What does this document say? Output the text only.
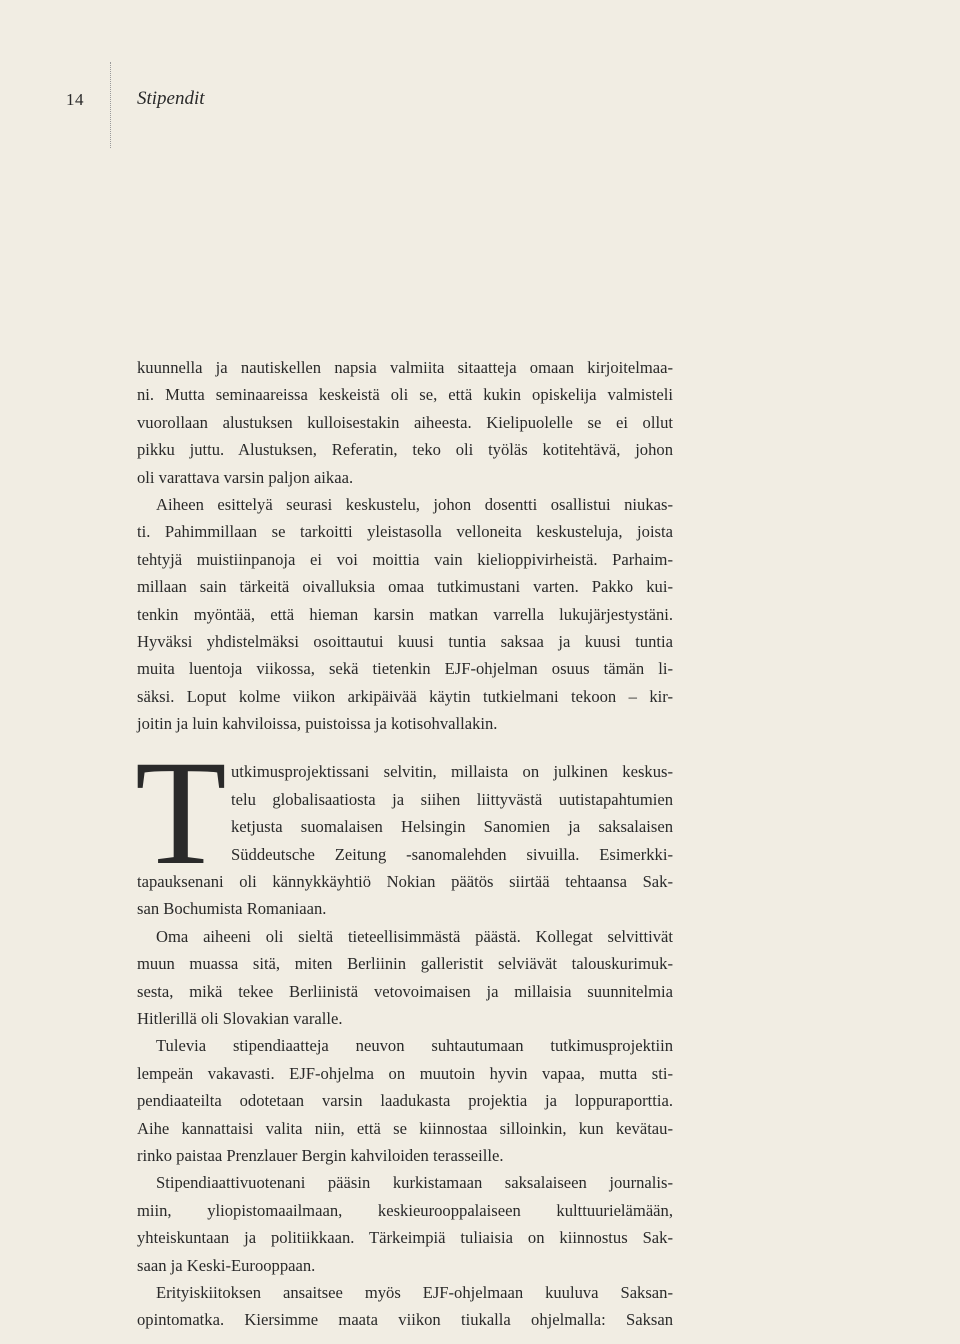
14	Stipendit
kuunnella ja nautiskellen napsia valmiita sitaatteja omaan kirjoitelmaa-
ni. Mutta seminaareissa keskeistä oli se, että kukin opiskelija valmisteli
vuorollaan alustuksen kulloisestakin aiheesta. Kielipuolelle se ei ollut
pikku juttu. Alustuksen, Referatin, teko oli työläs kotitehtävä, johon
oli varattava varsin paljon aikaa.
Aiheen esittelyä seurasi keskustelu, johon dosentti osallistui niukas-
ti. Pahimmillaan se tarkoitti yleistasolla velloneita keskusteluja, joista
tehtyjä muistiinpanoja ei voi moittia vain kielioppivirheistä. Parhaim-
millaan sain tärkeitä oivalluksia omaa tutkimustani varten. Pakko kui-
tenkin myöntää, että hieman karsin matkan varrella lukujärjestystäni.
Hyväksi yhdistelmäksi osoittautui kuusi tuntia saksaa ja kuusi tuntia
muita luentoja viikossa, sekä tietenkin EJF-ohjelman osuus tämän li-
säksi. Loput kolme viikon arkipäivää käytin tutkielmani tekoon – kir-
joitin ja luin kahviloissa, puistoissa ja kotisohvallakin.
T utkimusprojektissani selvitin, millaista on julkinen keskus-
telu globalisaatiosta ja siihen liittyvästä uutistapahtumien
ketjusta suomalaisen Helsingin Sanomien ja saksalaisen
Süddeutsche Zeitung -sanomalehden sivuilla. Esimerkki-
tapauksenani oli kännykkäyhtiö Nokian päätös siirtää tehtaansa Sak-
san Bochumista Romaniaan.
Oma aiheeni oli sieltä tieteellisimmästä päästä. Kollegat selvittivät
muun muassa sitä, miten Berliinin galleristit selviävät talouskurimuk-
sesta, mikä tekee Berliinistä vetovoimaisen ja millaisia suunnitelmia
Hitlerillä oli Slovakian varalle.
Tulevia stipendiaatteja neuvon suhtautumaan tutkimusprojektiin
lempeän vakavasti. EJF-ohjelma on muutoin hyvin vapaa, mutta sti-
pendiaateilta odotetaan varsin laadukasta projektia ja loppuraporttia.
Aihe kannattaisi valita niin, että se kiinnostaa silloinkin, kun kevätau-
rinko paistaa Prenzlauer Bergin kahviloiden terasseille.
Stipendiaattivuotenani pääsin kurkistamaan saksalaiseen journalis-
miin, yliopistomaailmaan, keskieurooppalaiseen kulttuurielämään,
yhteiskuntaan ja politiikkaan. Tärkeimpiä tuliaisia on kiinnostus Sak-
saan ja Keski-Eurooppaan.
Erityiskiitoksen ansaitsee myös EJF-ohjelmaan kuuluva Saksan-
opintomatka. Kiersimme maata viikon tiukalla ohjelmalla: Saksan
